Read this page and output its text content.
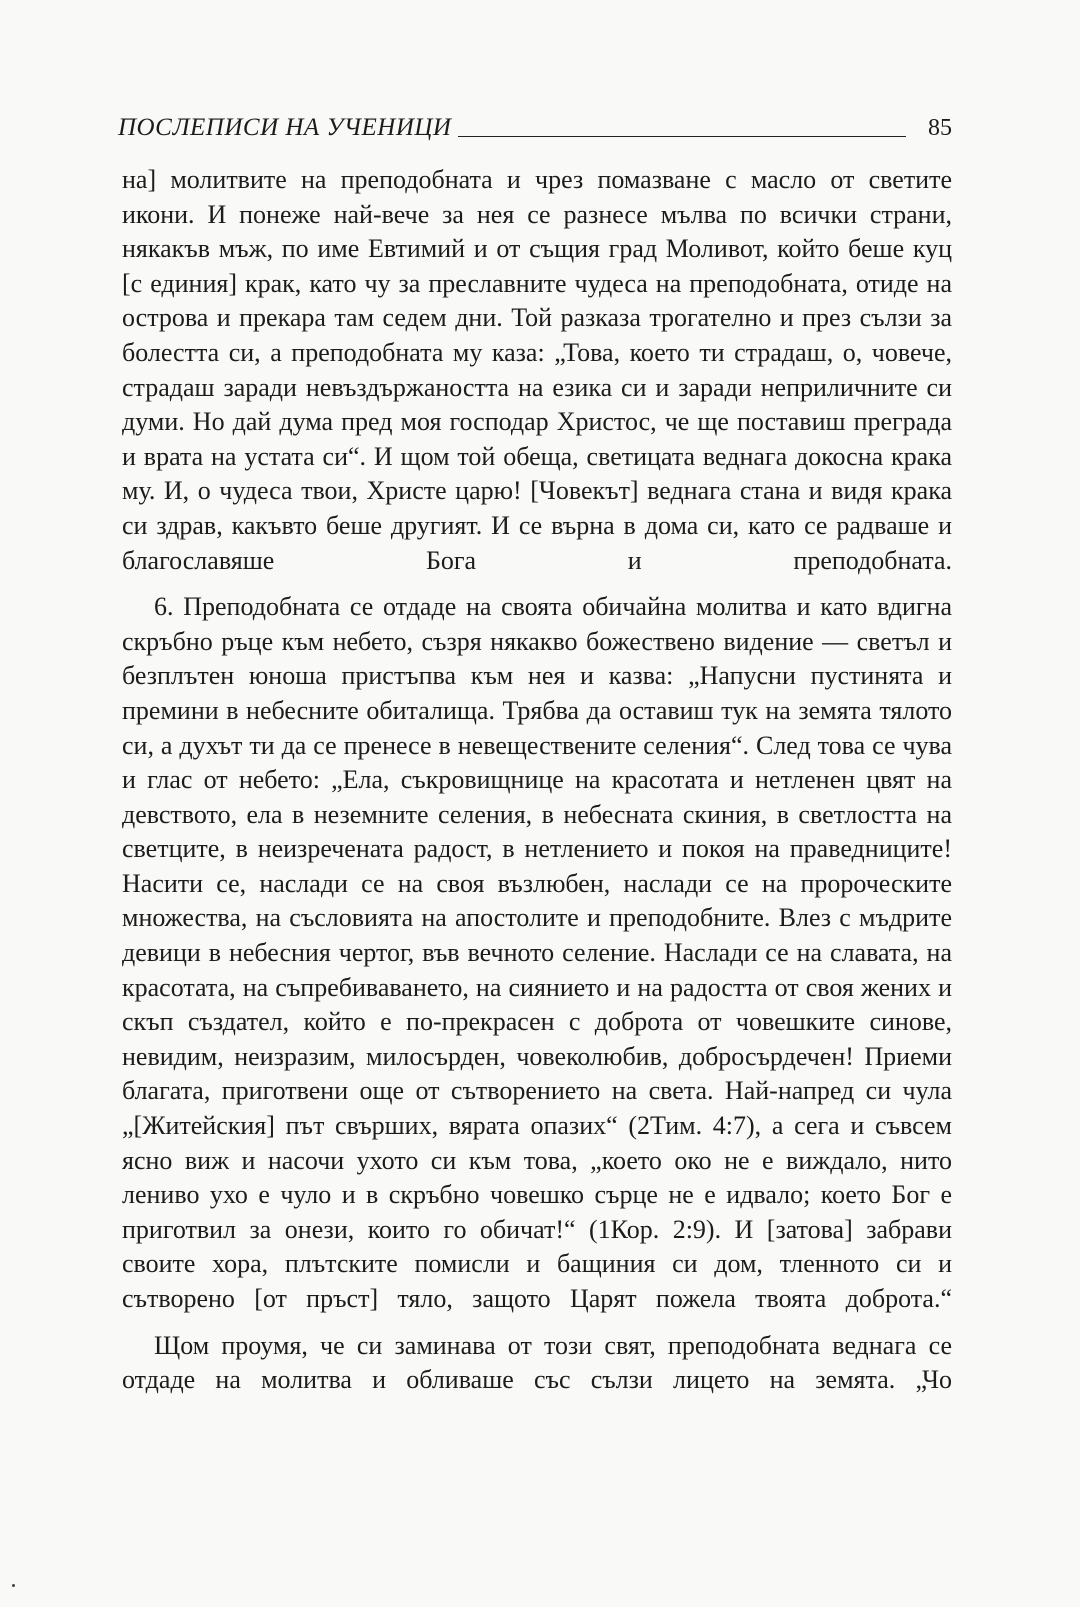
ПОСЛЕПИСИ НА УЧЕНИЦИ	85

на] молитвите на преподобната и чрез помазване с масло от светите икони. И понеже най-вече за нея се разнесе мълва по всички страни, някакъв мъж, по име Евтимий и от същия град Моливот, който беше куц [с единия] крак, като чу за преславните чудеса на преподобната, отиде на острова и прекара там седем дни. Той разказа трогателно и през сълзи за болестта си, а преподобната му каза: „Това, което ти страдаш, о, човече, страдаш заради невъздържаността на езика си и заради неприличните си думи. Но дай дума пред моя господар Христос, че ще поставиш преграда и врата на устата си“. И щом той обеща, светицата веднага докосна крака му. И, о чудеса твои, Христе царю! [Човекът] веднага стана и видя крака си здрав, какъвто беше другият. И се върна в дома си, като се радваше и благославяше Бога и преподобната.

6. Преподобната се отдаде на своята обичайна молитва и като вдигна скръбно ръце към небето, съзря някакво божествено видение — светъл и безплътен юноша пристъпва към нея и казва: „Напусни пустинята и премини в небесните обиталища. Трябва да оставиш тук на земята тялото си, а духът ти да се пренесе в невеществените селения“. След това се чува и глас от небето: „Ела, съкровищнице на красотата и нетленен цвят на девството, ела в неземните селения, в небесната скиния, в светлостта на светците, в неизречената радост, в нетлението и покоя на праведниците! Насити се, наслади се на своя възлюбен, наслади се на пророческите множества, на съсловията на апостолите и преподобните. Влез с мъдрите девици в небесния чертог, във вечното селение. Наслади се на славата, на красотата, на съпребиваването, на сиянието и на радостта от своя жених и скъп създател, който е по-прекрасен с доброта от човешките синове, невидим, неизразим, милосърден, човеколюбив, добросърдечен! Приеми благата, приготвени още от сътворението на света. Най-напред си чула „[Житейския] път свърших, вярата опазих“ (2Тим. 4:7), а сега и съвсем ясно виж и насочи ухото си към това, „което око не е виждало, нито лениво ухо е чуло и в скръбно човешко сърце не е идвало; което Бог е приготвил за онези, които го обичат!“ (1Кор. 2:9). И [затова] забрави своите хора, плътските помисли и бащиния си дом, тленното си и сътворено [от пръст] тяло, защото Царят пожела твоята доброта.“

Щом проумя, че си заминава от този свят, преподобната веднага се отдаде на молитва и обливаше със сълзи лицето на земята. „Чо
